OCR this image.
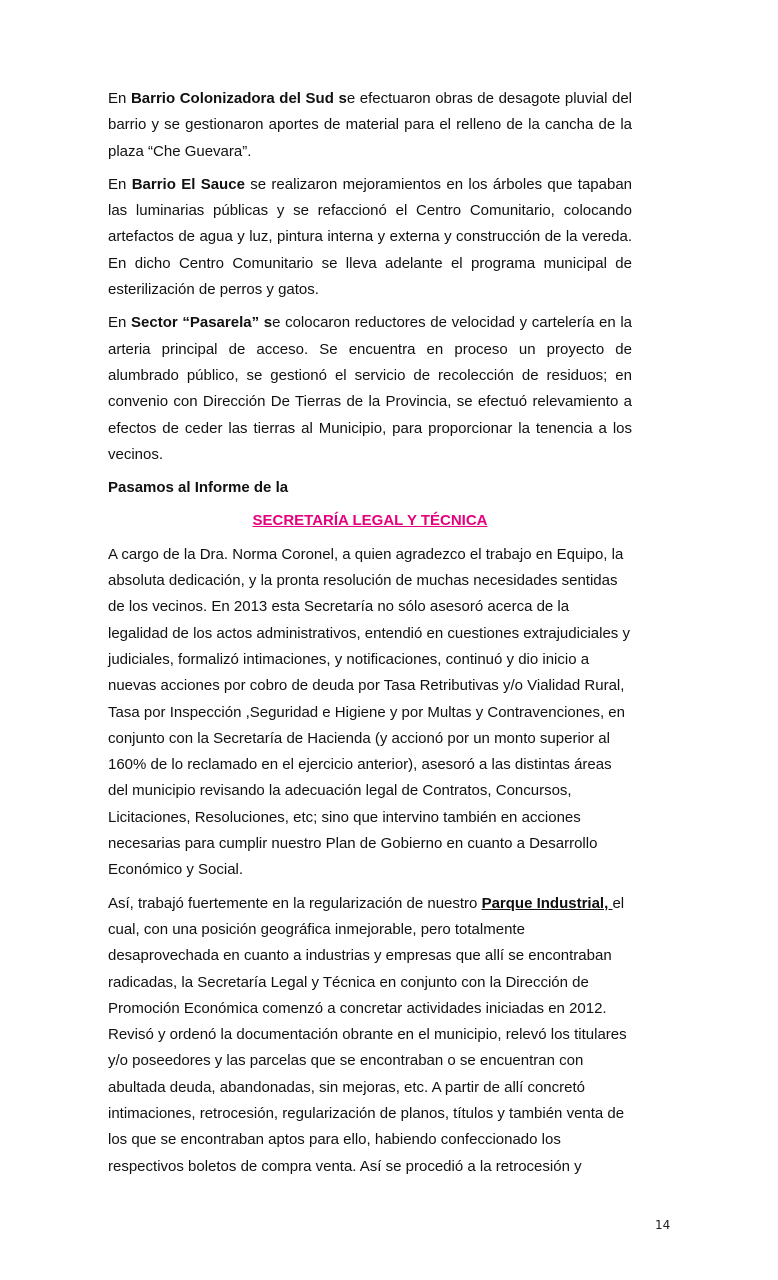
En Barrio Colonizadora del Sud se efectuaron obras de desagote pluvial del barrio y se gestionaron aportes de material para el relleno de la cancha de la plaza “Che Guevara”.

En Barrio El Sauce se realizaron mejoramientos en los árboles que tapaban las luminarias públicas y se refaccionó el Centro Comunitario, colocando artefactos de agua y luz, pintura interna y externa y construcción de la vereda. En dicho Centro Comunitario se lleva adelante el programa municipal de esterilización de perros y gatos.

En Sector “Pasarela” se colocaron reductores de velocidad y cartelería en la arteria principal de acceso. Se encuentra en proceso un proyecto de alumbrado público, se gestionó el servicio de recolección de residuos; en convenio con Dirección De Tierras de la Provincia, se efectuó relevamiento a efectos de ceder las tierras al Municipio, para proporcionar la tenencia a los vecinos.

Pasamos al Informe de la

SECRETARÍA LEGAL Y TÉCNICA

A cargo de la Dra. Norma Coronel, a quien agradezco el trabajo en Equipo, la absoluta dedicación, y la pronta resolución de muchas necesidades sentidas de los vecinos. En 2013 esta Secretaría no sólo asesoró acerca de la legalidad de los actos administrativos, entendió en cuestiones extrajudiciales y judiciales, formalizó intimaciones, y notificaciones, continuó y dio inicio a nuevas acciones por cobro de deuda por Tasa Retributivas y/o Vialidad Rural, Tasa por Inspección ,Seguridad e Higiene y por Multas y Contravenciones, en conjunto con la Secretaría de Hacienda (y accionó por un monto superior al 160% de lo reclamado en el ejercicio anterior), asesoró a las distintas áreas del municipio revisando la adecuación legal de Contratos, Concursos, Licitaciones, Resoluciones, etc; sino que intervino también en acciones necesarias para cumplir nuestro Plan de Gobierno en cuanto a Desarrollo Económico y Social.

Así, trabajó fuertemente en la regularización de nuestro Parque Industrial, el cual, con una posición geográfica inmejorable, pero totalmente desaprovechada en cuanto a industrias y empresas que allí se encontraban radicadas, la Secretaría Legal y Técnica en conjunto con la Dirección de Promoción Económica comenzó a concretar actividades iniciadas en 2012. Revisó y ordenó la documentación obrante en el municipio, relevó los titulares y/o poseedores y las parcelas que se encontraban o se encuentran con abultada deuda, abandonadas, sin mejoras, etc. A partir de allí concretó intimaciones, retrocesión, regularización de planos, títulos y también venta de los que se encontraban aptos para ello, habiendo confeccionado los respectivos boletos de compra venta. Así se procedió a la retrocesión y

14
